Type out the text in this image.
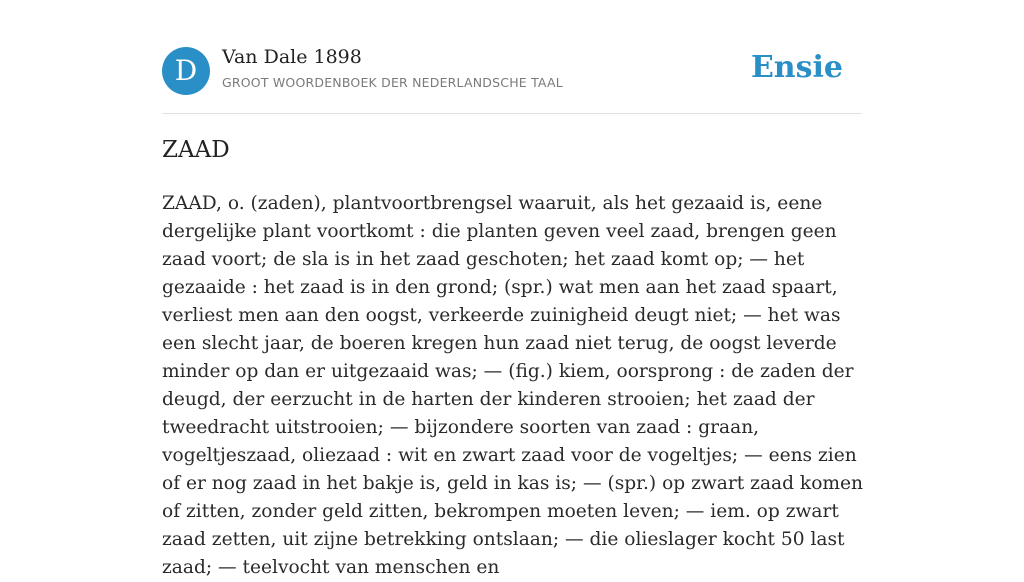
D	Van Dale 1898
GROOT WOORDENBOEK DER NEDERLANDSCHE TAAL	Ensie
ZAAD

ZAAD, o. (zaden), plantvoortbrengsel waaruit, als het gezaaid is, eene dergelijke plant voortkomt : die planten geven veel zaad, brengen geen zaad voort; de sla is in het zaad geschoten; het zaad komt op; — het gezaaide : het zaad is in den grond; (spr.) wat men aan het zaad spaart, verliest men aan den oogst, verkeerde zuinigheid deugt niet; — het was een slecht jaar, de boeren kregen hun zaad niet terug, de oogst leverde minder op dan er uitgezaaid was; — (fig.) kiem, oorsprong : de zaden der deugd, der eerzucht in de harten der kinderen strooien; het zaad der tweedracht uitstrooien; — bijzondere soorten van zaad : graan, vogeltjeszaad, oliezaad : wit en zwart zaad voor de vogeltjes; — eens zien of er nog zaad in het bakje is, geld in kas is; — (spr.) op zwart zaad komen of zitten, zonder geld zitten, bekrompen moeten leven; — iem. op zwart zaad zetten, uit zijne betrekking ontslaan; — die olieslager kocht 50 last zaad; — teelvocht van menschen en
